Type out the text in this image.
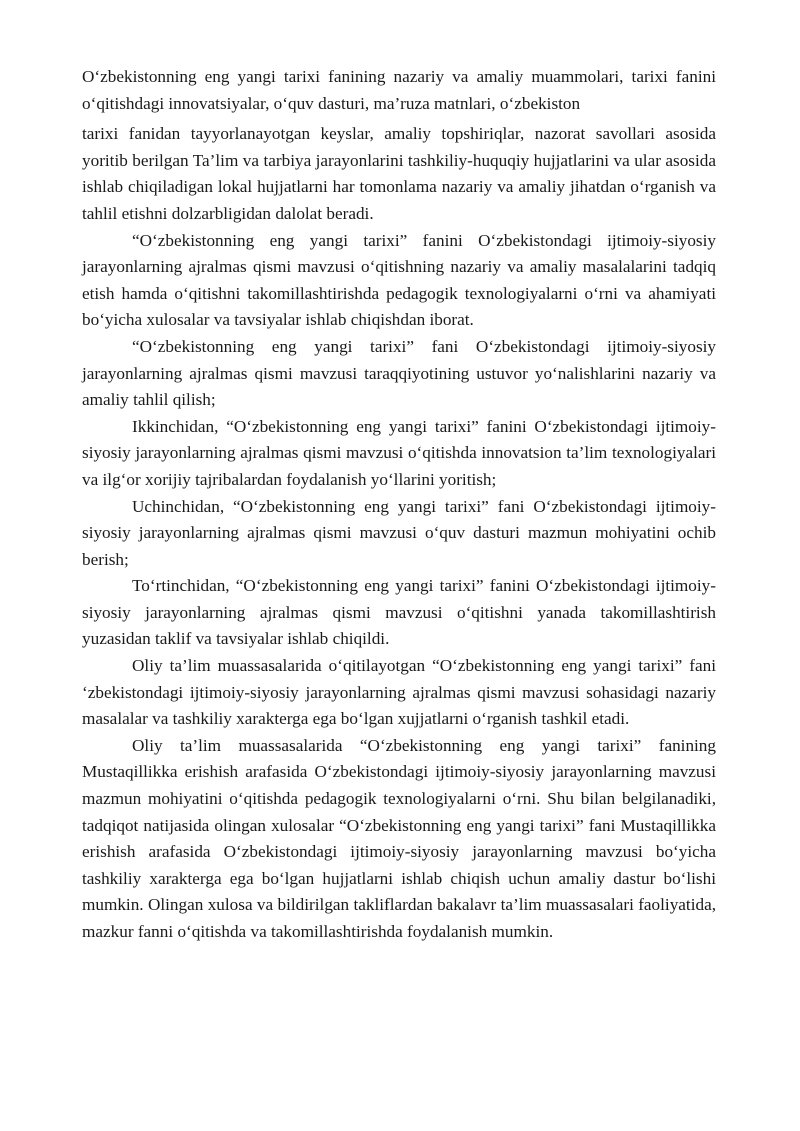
O‘zbekistonning eng yangi tarixi fanining nazariy va amaliy muammolari, tarixi fanini o‘qitishdagi innovatsiyalar, o‘quv dasturi, ma’ruza matnlari, o‘zbekiston

tarixi fanidan tayyorlanayotgan keyslar, amaliy topshiriqlar, nazorat savollari asosida yoritib berilgan Ta’lim va tarbiya jarayonlarini tashkiliy-huquqiy hujjatlarini va ular asosida ishlab chiqiladigan lokal hujjatlarni har tomonlama nazariy va amaliy jihatdan o‘rganish va tahlil etishni dolzarbligidan dalolat beradi.

“O‘zbekistonning eng yangi tarixi” fanini O‘zbekistondagi ijtimoiy-siyosiy jarayonlarning ajralmas qismi mavzusi o‘qitishning nazariy va amaliy masalalarini tadqiq etish hamda o‘qitishni takomillashtirishda pedagogik texnologiyalarni o‘rni va ahamiyati bo‘yicha xulosalar va tavsiyalar ishlab chiqishdan iborat.

“O‘zbekistonning eng yangi tarixi” fani O‘zbekistondagi ijtimoiy-siyosiy jarayonlarning ajralmas qismi mavzusi taraqqiyotining ustuvor yo‘nalishlarini nazariy va amaliy tahlil qilish;

Ikkinchidan, “O‘zbekistonning eng yangi tarixi” fanini O‘zbekistondagi ijtimoiy-siyosiy jarayonlarning ajralmas qismi mavzusi o‘qitishda innovatsion ta’lim texnologiyalari va ilg‘or xorijiy tajribalardan foydalanish yo‘llarini yoritish;

Uchinchidan, “O‘zbekistonning eng yangi tarixi” fani O‘zbekistondagi ijtimoiy-siyosiy jarayonlarning ajralmas qismi mavzusi o‘quv dasturi mazmun mohiyatini ochib berish;

To‘rtinchidan, “O‘zbekistonning eng yangi tarixi” fanini O‘zbekistondagi ijtimoiy-siyosiy jarayonlarning ajralmas qismi mavzusi o‘qitishni yanada takomillashtirish yuzasidan taklif va tavsiyalar ishlab chiqildi.

Oliy ta’lim muassasalarida o‘qitilayotgan “O‘zbekistonning eng yangi tarixi” fani ‘zbekistondagi ijtimoiy-siyosiy jarayonlarning ajralmas qismi mavzusi sohasidagi nazariy masalalar va tashkiliy xarakterga ega bo‘lgan xujjatlarni o‘rganish tashkil etadi.

Oliy ta’lim muassasalarida “O‘zbekistonning eng yangi tarixi” fanining Mustaqillikka erishish arafasida O‘zbekistondagi ijtimoiy-siyosiy jarayonlarning mavzusi mazmun mohiyatini o‘qitishda pedagogik texnologiyalarni o‘rni. Shu bilan belgilanadiki, tadqiqot natijasida olingan xulosalar “O‘zbekistonning eng yangi tarixi” fani Mustaqillikka erishish arafasida O‘zbekistondagi ijtimoiy-siyosiy jarayonlarning mavzusi bo‘yicha tashkiliy xarakterga ega bo‘lgan hujjatlarni ishlab chiqish uchun amaliy dastur bo‘lishi mumkin. Olingan xulosa va bildirilgan takliflardan bakalavr ta’lim muassasalari faoliyatida, mazkur fanni o‘qitishda va takomillashtirishda foydalanish mumkin.
